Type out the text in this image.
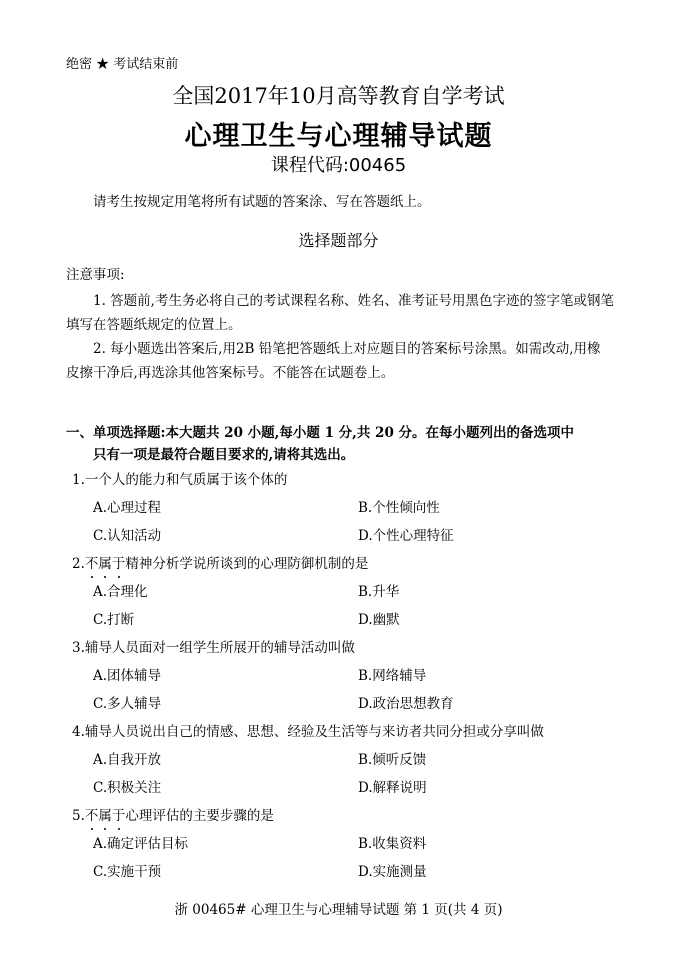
绝密 ★ 考试结束前
全国2017年10月高等教育自学考试
心理卫生与心理辅导试题
课程代码:00465
请考生按规定用笔将所有试题的答案涂、写在答题纸上。
选择题部分
注意事项:
1. 答题前,考生务必将自己的考试课程名称、姓名、准考证号用黑色字迹的签字笔或钢笔
填写在答题纸规定的位置上。
2. 每小题选出答案后,用2B 铅笔把答题纸上对应题目的答案标号涂黑。如需改动,用橡
皮擦干净后,再选涂其他答案标号。不能答在试题卷上。
一、单项选择题:本大题共 20 小题,每小题 1 分,共 20 分。在每小题列出的备选项中
只有一项是最符合题目要求的,请将其选出。
1.一个人的能力和气质属于该个体的
A.心理过程	B.个性倾向性
C.认知活动	D.个性心理特征
2.不属于精神分析学说所谈到的心理防御机制的是
A.合理化	B.升华
C.打断	D.幽默
3.辅导人员面对一组学生所展开的辅导活动叫做
A.团体辅导	B.网络辅导
C.多人辅导	D.政治思想教育
4.辅导人员说出自己的情感、思想、经验及生活等与来访者共同分担或分享叫做
A.自我开放	B.倾听反馈
C.积极关注	D.解释说明
5.不属于心理评估的主要步骤的是
A.确定评估目标	B.收集资料
C.实施干预	D.实施测量
浙 00465# 心理卫生与心理辅导试题 第 1 页(共 4 页)
